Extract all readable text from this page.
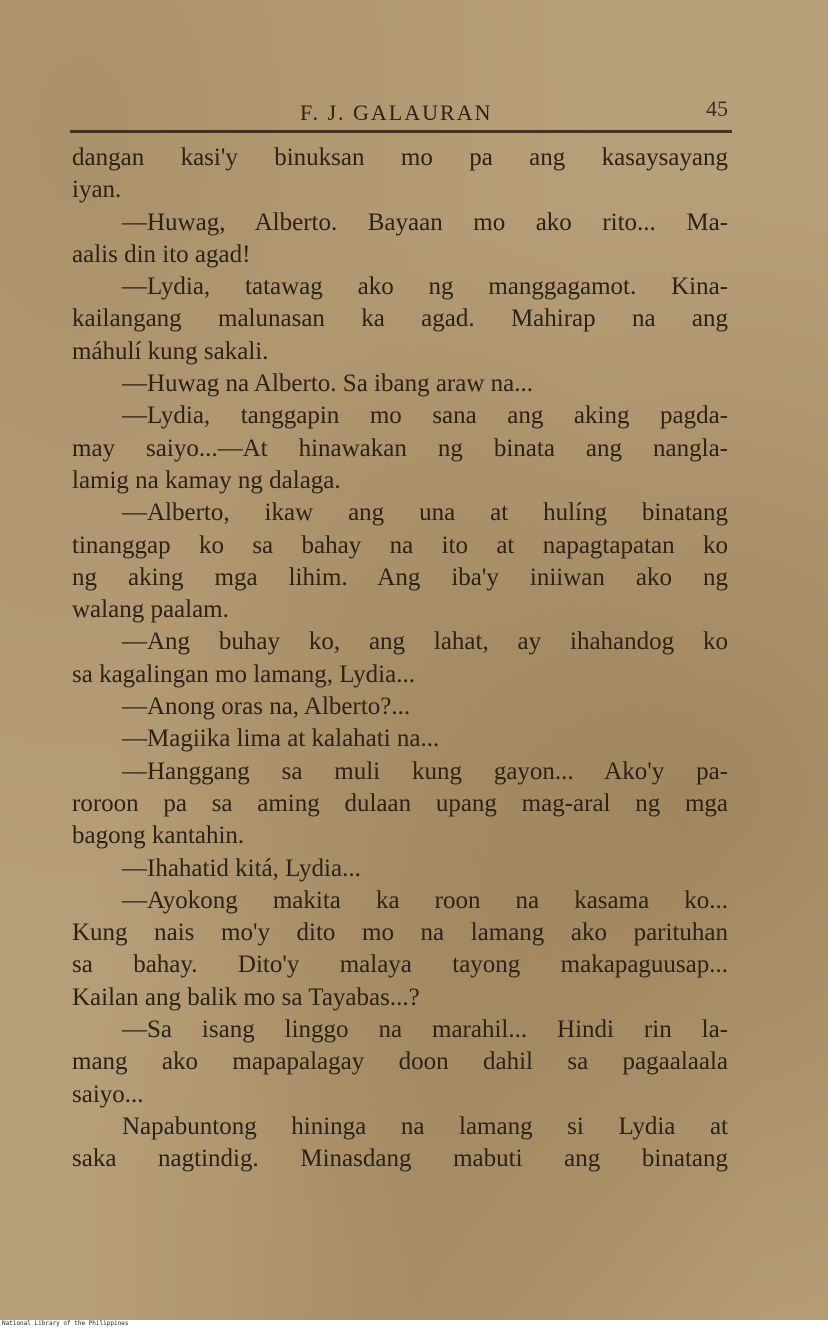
F. J. GALAURAN	45
dangan kasi'y binuksan mo pa ang kasaysayang
iyan.
—Huwag, Alberto. Bayaan mo ako rito... Ma-
aalis din ito agad!
—Lydia, tatawag ako ng manggagamot. Kina-
kailangang malunasan ka agad. Mahirap na ang
máhulí kung sakali.
—Huwag na Alberto. Sa ibang araw na...
—Lydia, tanggapin mo sana ang aking pagda-
may saiyo...—At hinawakan ng binata ang nangla-
lamig na kamay ng dalaga.
—Alberto, ikaw ang una at hulíng binatang
tinanggap ko sa bahay na ito at napagtapatan ko
ng aking mga lihim. Ang iba'y iniiwan ako ng
walang paalam.
—Ang buhay ko, ang lahat, ay ihahandog ko
sa kagalingan mo lamang, Lydia...
—Anong oras na, Alberto?...
—Magiika lima at kalahati na...
—Hanggang sa muli kung gayon... Ako'y pa-
roroon pa sa aming dulaan upang mag-aral ng mga
bagong kantahin.
—Ihahatid kitá, Lydia...
—Ayokong makita ka roon na kasama ko...
Kung nais mo'y dito mo na lamang ako parituhan
sa bahay. Dito'y malaya tayong makapaguusap...
Kailan ang balik mo sa Tayabas...?
—Sa isang linggo na marahil... Hindi rin la-
mang ako mapapalagay doon dahil sa pagaalaala
saiyo...
Napabuntong hininga na lamang si Lydia at
saka nagtindig. Minasdang mabuti ang binatang
National Library of the Philippines
